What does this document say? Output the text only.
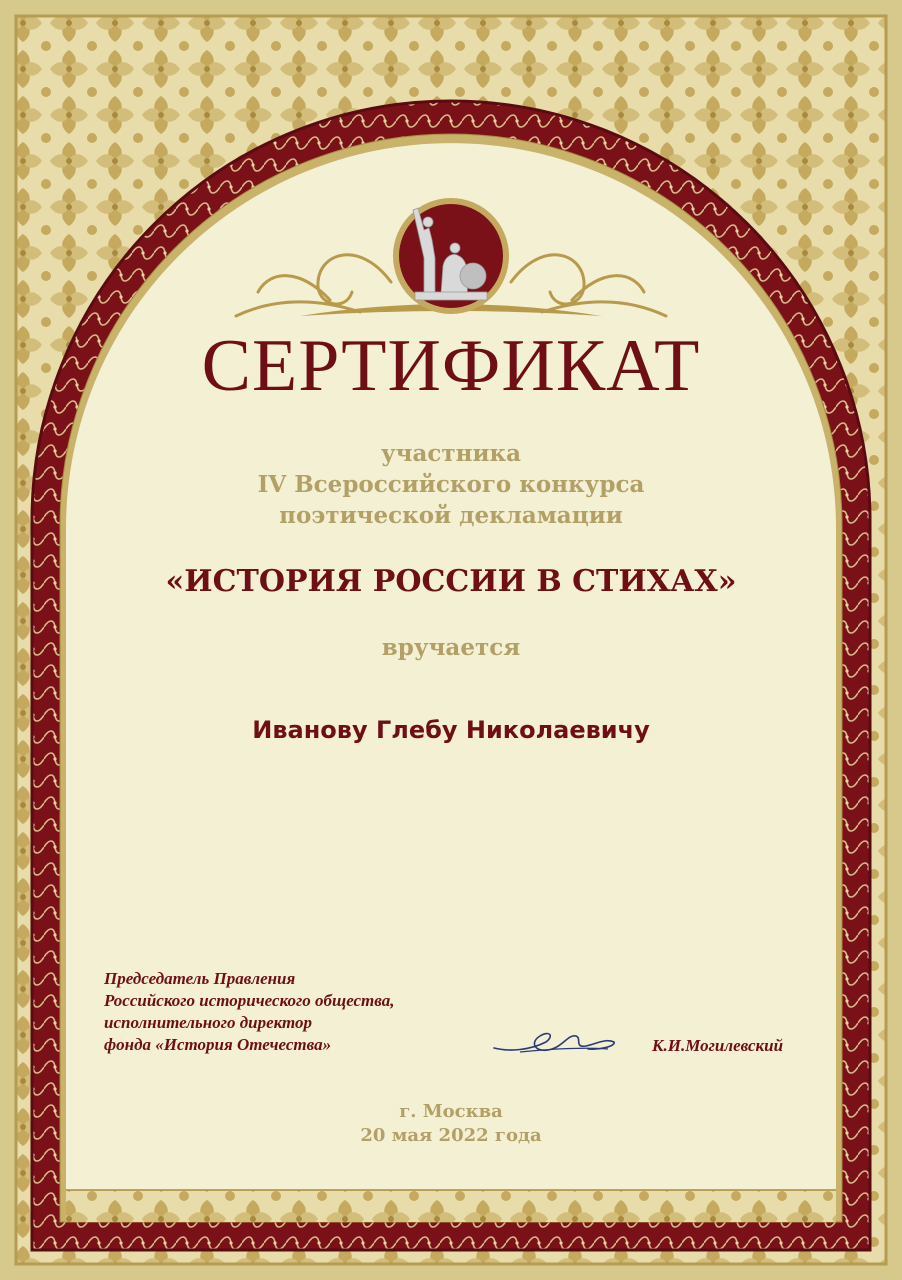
СЕРТИФИКАТ
участника
IV Всероссийского конкурса
поэтической декламации
«ИСТОРИЯ РОССИИ В СТИХАХ»
вручается
Иванову Глебу Николаевичу
Председатель Правления
Российского исторического общества,
исполнительного директор
фонда «История Отечества»	К.И.Могилевский
г. Москва
20 мая 2022 года
